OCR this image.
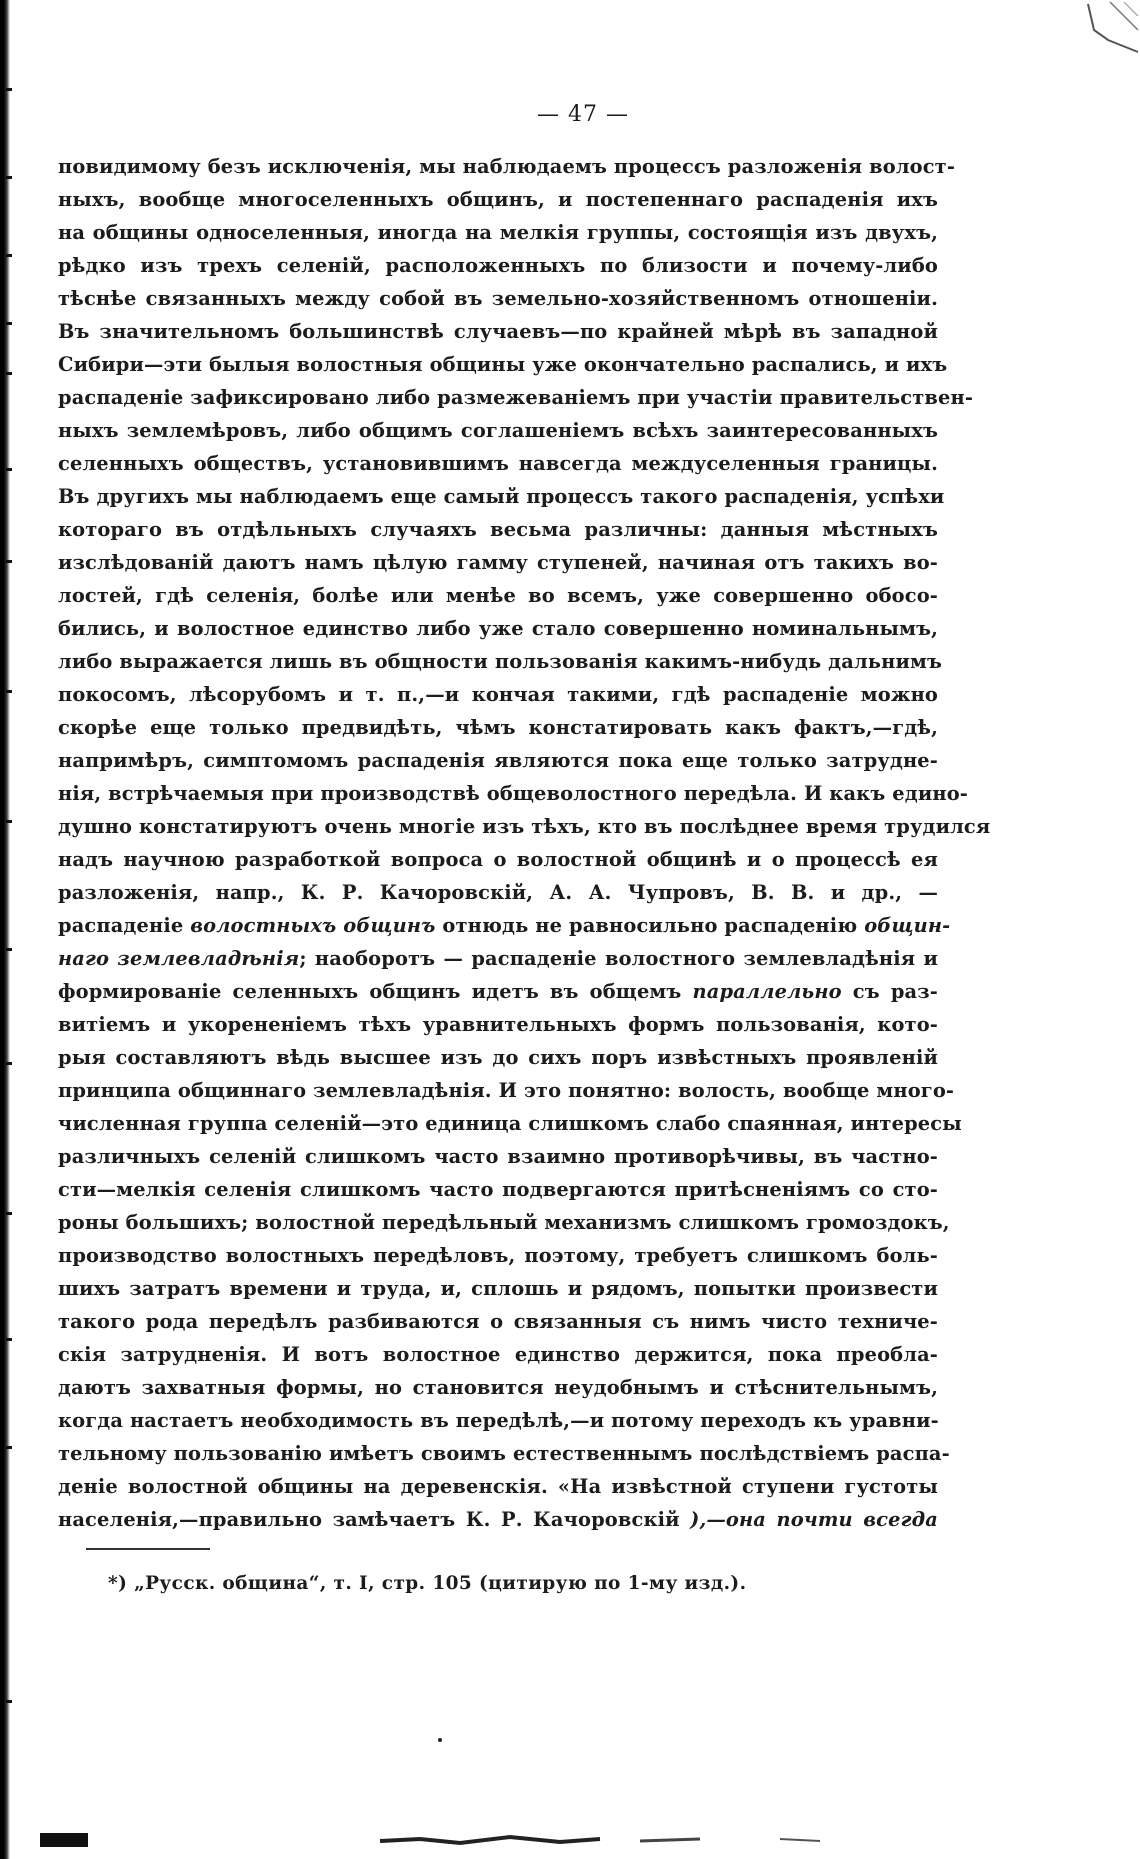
— 47 —
повидимому безъ исключенія, мы наблюдаемъ процессъ разложенія волост-
ныхъ, вообще многоселенныхъ общинъ, и постепеннаго распаденія ихъ
на общины односеленныя, иногда на мелкія группы, состоящія изъ двухъ,
рѣдко изъ трехъ селеній, расположенныхъ по близости и почему-либо
тѣснѣе связанныхъ между собой въ земельно-хозяйственномъ отношеніи.
Въ значительномъ большинствѣ случаевъ—по крайней мѣрѣ въ западной
Сибири—эти былыя волостныя общины уже окончательно распались, и ихъ
распаденіе зафиксировано либо размежеваніемъ при участіи правительствен-
ныхъ землемѣровъ, либо общимъ соглашеніемъ всѣхъ заинтересованныхъ
селенныхъ обществъ, установившимъ навсегда междуселенныя границы.
Въ другихъ мы наблюдаемъ еще самый процессъ такого распаденія, успѣхи
котораго въ отдѣльныхъ случаяхъ весьма различны: данныя мѣстныхъ
изслѣдованій даютъ намъ цѣлую гамму ступеней, начиная отъ такихъ во-
лостей, гдѣ селенія, болѣе или менѣе во всемъ, уже совершенно обосо-
бились, и волостное единство либо уже стало совершенно номинальнымъ,
либо выражается лишь въ общности пользованія какимъ-нибудь дальнимъ
покосомъ, лѣсорубомъ и т. п.,—и кончая такими, гдѣ распаденіе можно
скорѣе еще только предвидѣть, чѣмъ констатировать какъ фактъ,—гдѣ,
напримѣръ, симптомомъ распаденія являются пока еще только затрудне-
нія, встрѣчаемыя при производствѣ общеволостного передѣла. И какъ едино-
душно констатируютъ очень многіе изъ тѣхъ, кто въ послѣднее время трудился
надъ научною разработкой вопроса о волостной общинѣ и о процессѣ ея
разложенія, напр., К. Р. Качоровскій, А. А. Чупровъ, В. В. и др., —
распаденіе волостныхъ общинъ отнюдь не равносильно распаденію общин-
наго землевладѣнія; наоборотъ — распаденіе волостного землевладѣнія и
формированіе селенныхъ общинъ идетъ въ общемъ параллельно съ раз-
витіемъ и укорененіемъ тѣхъ уравнительныхъ формъ пользованія, кото-
рыя составляютъ вѣдь высшее изъ до сихъ поръ извѣстныхъ проявленій
принципа общиннаго землевладѣнія. И это понятно: волость, вообще много-
численная группа селеній—это единица слишкомъ слабо спаянная, интересы
различныхъ селеній слишкомъ часто взаимно противорѣчивы, въ частно-
сти—мелкія селенія слишкомъ часто подвергаются притѣсненіямъ со сто-
роны большихъ; волостной передѣльный механизмъ слишкомъ громоздокъ,
производство волостныхъ передѣловъ, поэтому, требуетъ слишкомъ боль-
шихъ затратъ времени и труда, и, сплошь и рядомъ, попытки произвести
такого рода передѣлъ разбиваются о связанныя съ нимъ чисто техниче-
скія затрудненія. И вотъ волостное единство держится, пока преобла-
даютъ захватныя формы, но становится неудобнымъ и стѣснительнымъ,
когда настаетъ необходимость въ передѣлѣ,—и потому переходъ къ уравни-
тельному пользованію имѣетъ своимъ естественнымъ послѣдствіемъ распа-
деніе волостной общины на деревенскія. «На извѣстной ступени густоты
населенія,—правильно замѣчаетъ К. Р. Качоровскій ),—она почти всегда
*) „Русск. община“, т. I, стр. 105 (цитирую по 1-му изд.).
